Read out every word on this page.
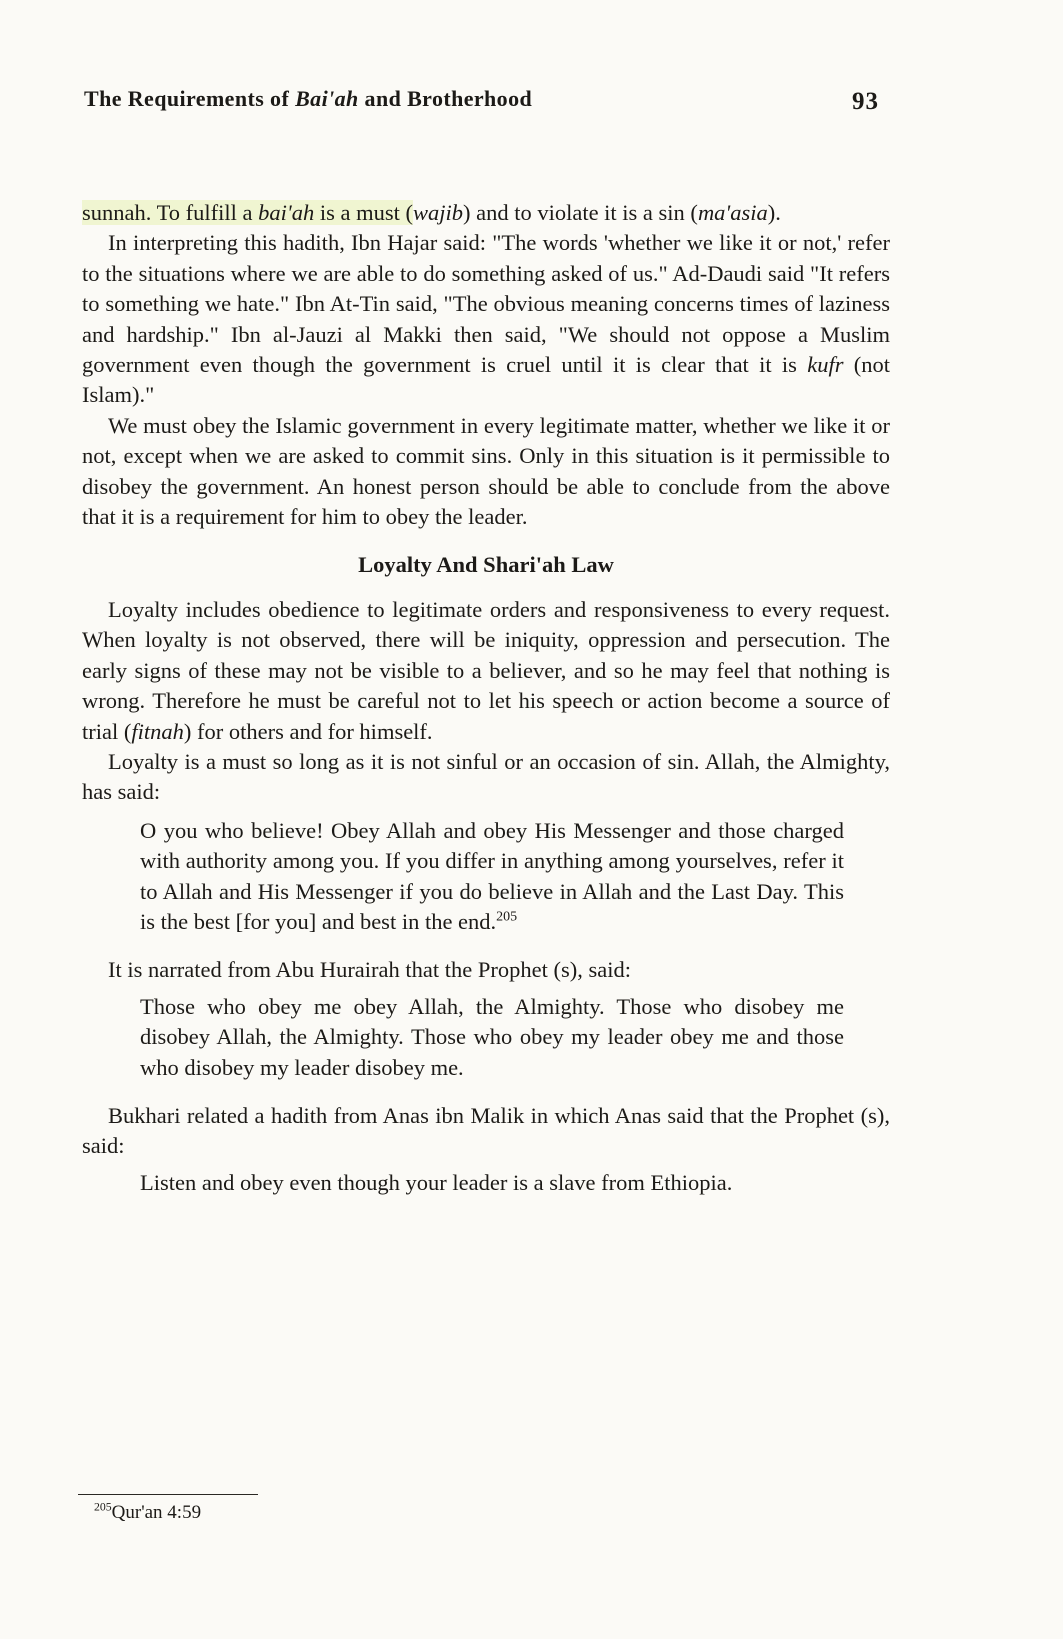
The Requirements of Bai'ah and Brotherhood	93

sunnah. To fulfill a bai'ah is a must (wajib) and to violate it is a sin (ma'asia).

In interpreting this hadith, Ibn Hajar said: "The words 'whether we like it or not,' refer to the situations where we are able to do something asked of us." Ad-Daudi said "It refers to something we hate." Ibn At-Tin said, "The obvious meaning concerns times of laziness and hardship." Ibn al-Jauzi al Makki then said, "We should not oppose a Muslim government even though the government is cruel until it is clear that it is kufr (not Islam)."

We must obey the Islamic government in every legitimate matter, whether we like it or not, except when we are asked to commit sins. Only in this situation is it permissible to disobey the government. An honest person should be able to conclude from the above that it is a requirement for him to obey the leader.

Loyalty And Shari'ah Law

Loyalty includes obedience to legitimate orders and responsiveness to every request. When loyalty is not observed, there will be iniquity, oppression and persecution. The early signs of these may not be visible to a believer, and so he may feel that nothing is wrong. Therefore he must be careful not to let his speech or action become a source of trial (fitnah) for others and for himself.

Loyalty is a must so long as it is not sinful or an occasion of sin. Allah, the Almighty, has said:

O you who believe! Obey Allah and obey His Messenger and those charged with authority among you. If you differ in anything among yourselves, refer it to Allah and His Messenger if you do believe in Allah and the Last Day. This is the best [for you] and best in the end.$^{205}$

It is narrated from Abu Hurairah that the Prophet (s), said:

Those who obey me obey Allah, the Almighty. Those who disobey me disobey Allah, the Almighty. Those who obey my leader obey me and those who disobey my leader disobey me.

Bukhari related a hadith from Anas ibn Malik in which Anas said that the Prophet (s), said:

Listen and obey even though your leader is a slave from Ethiopia.

$^{205}$Qur'an 4:59
